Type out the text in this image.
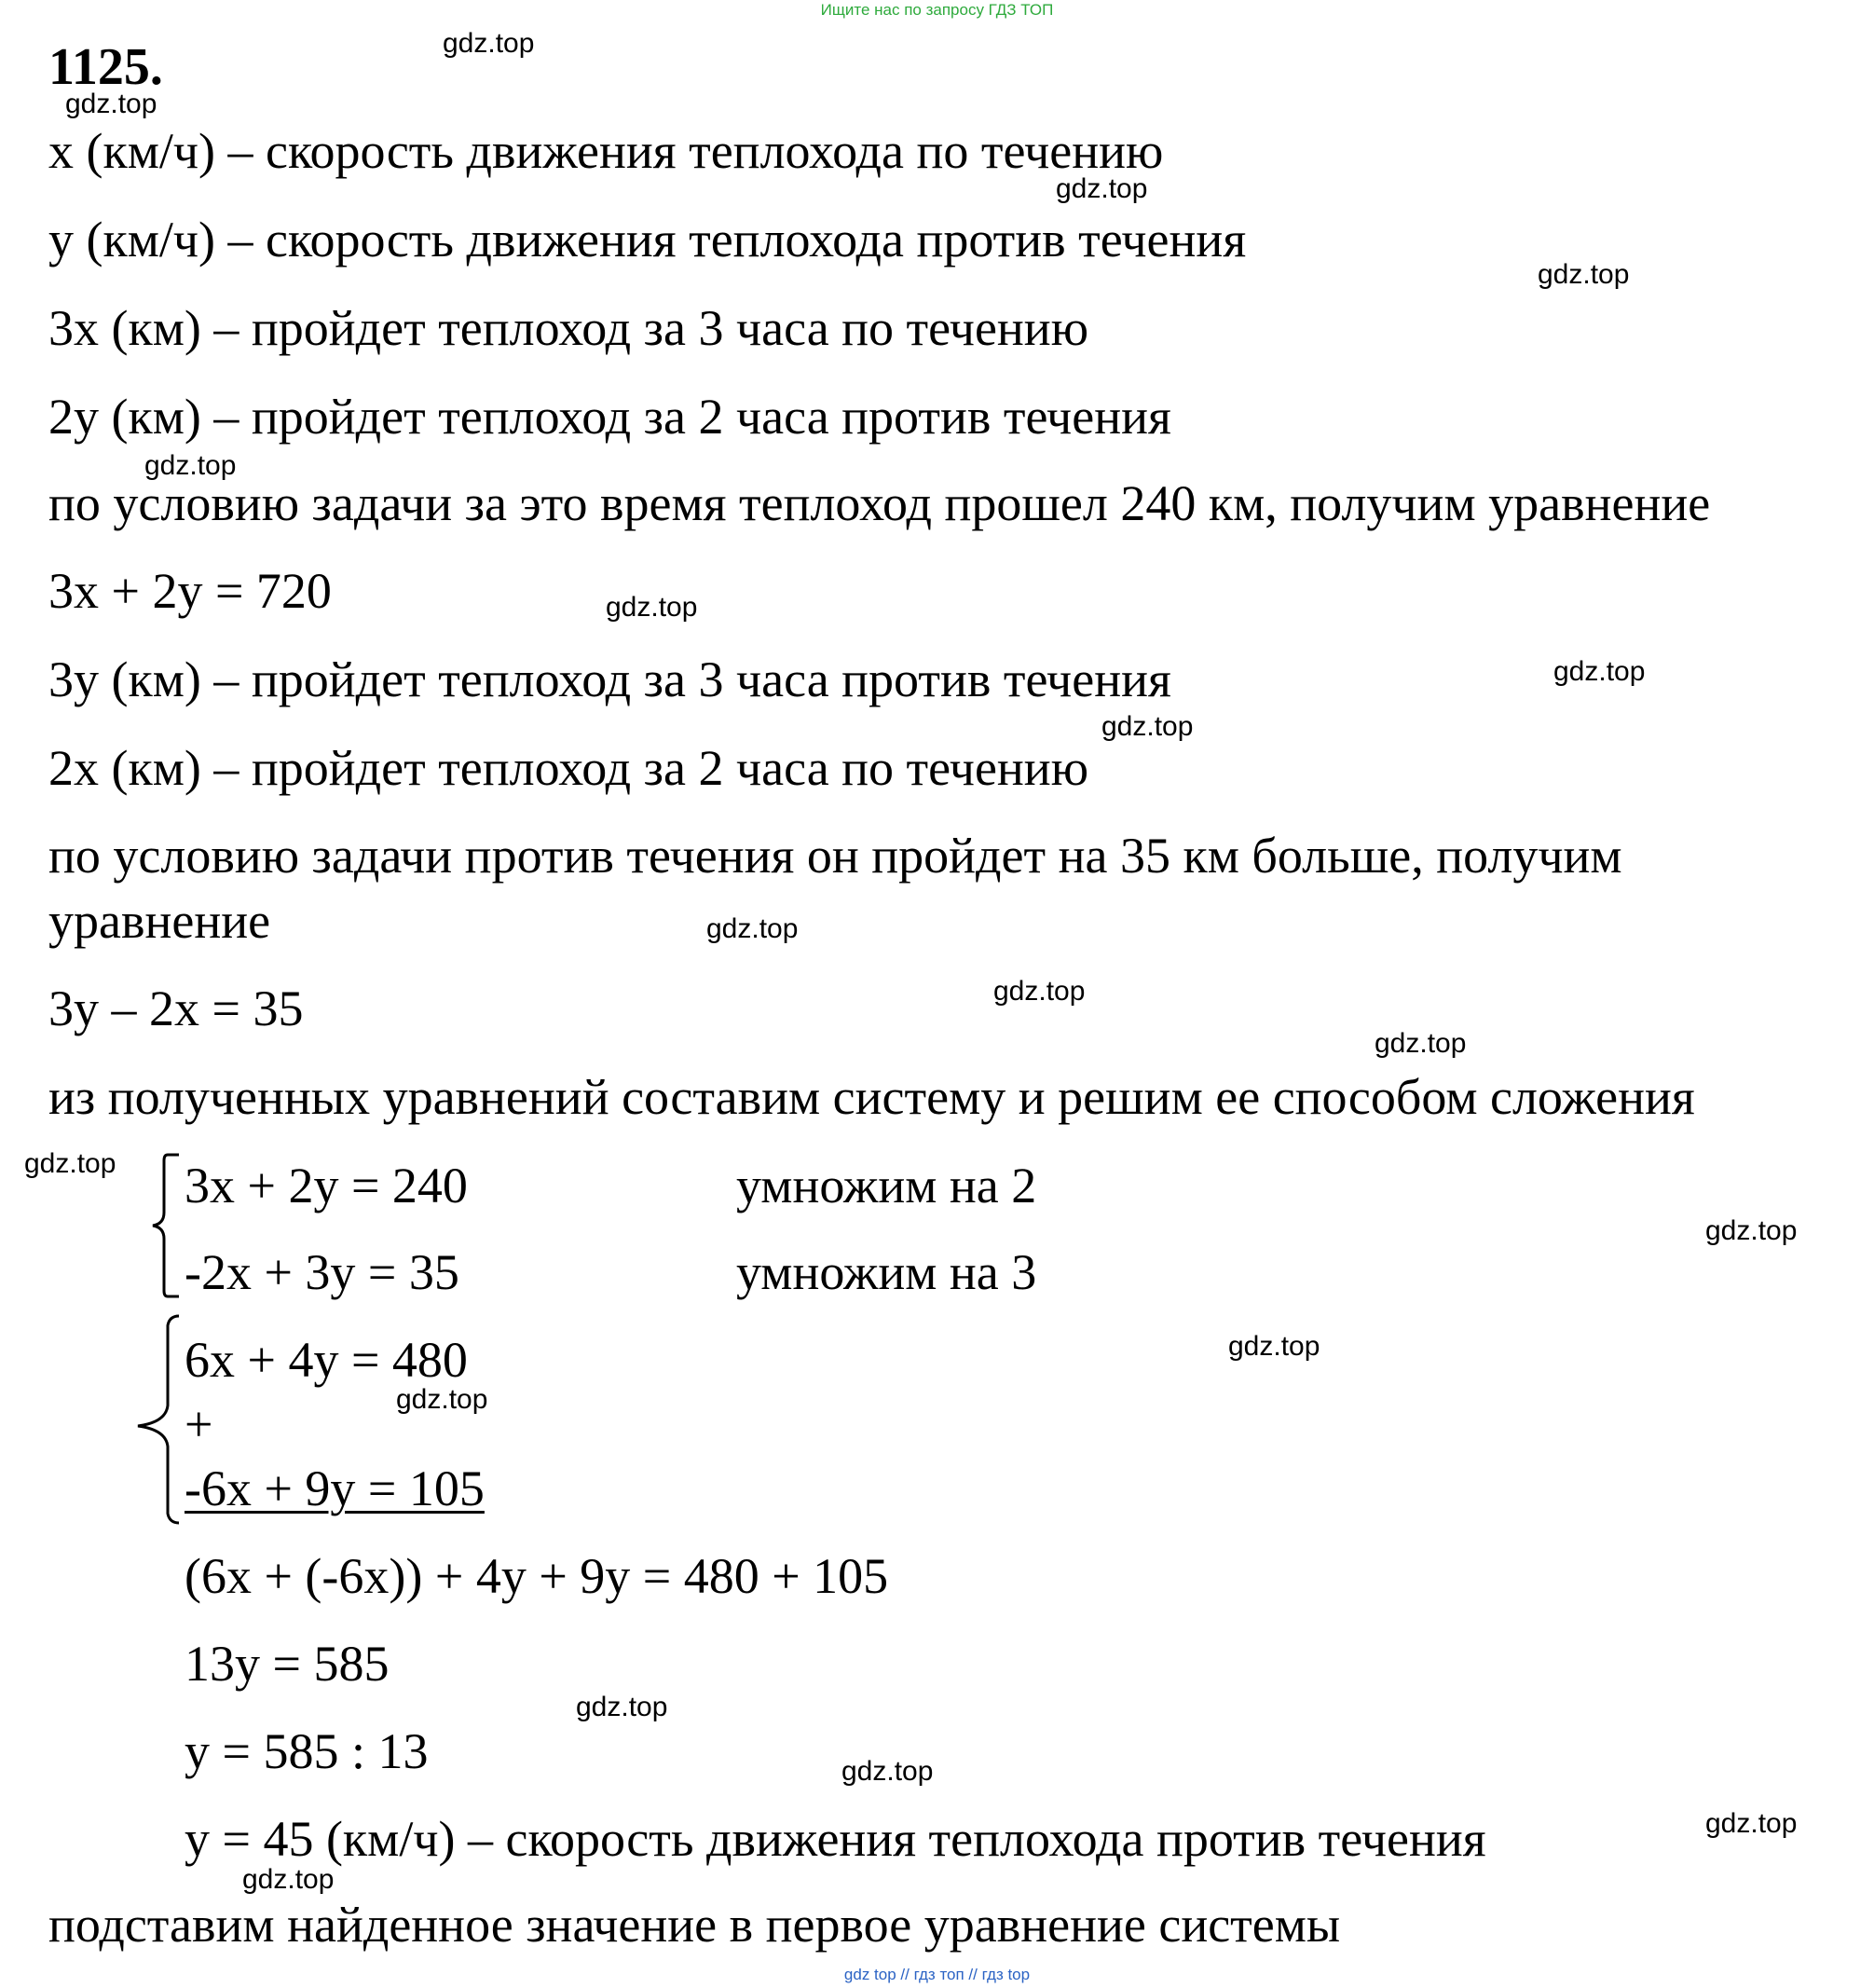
Ищите нас по запросу ГДЗ ТОП
1125.
x (км/ч) – скорость движения теплохода по течению
y (км/ч) – скорость движения теплохода против течения
3x (км) – пройдет теплоход за 3 часа по течению
2y (км) – пройдет теплоход за 2 часа против течения
по условию задачи за это время теплоход прошел 240 км, получим уравнение
3x + 2y = 720
3y (км) – пройдет теплоход за 3 часа против течения
2x (км) – пройдет теплоход за 2 часа по течению
по условию задачи против течения он пройдет на 35 км больше, получим
уравнение
3y – 2x = 35
из полученных уравнений составим систему и решим ее способом сложения
3x + 2y = 240	умножим на 2
-2x + 3y = 35	умножим на 3
6x + 4y = 480
+
-6x + 9y = 105
(6x + (-6x)) + 4y + 9y = 480 + 105
13y = 585
y = 585 : 13
y = 45 (км/ч) – скорость движения теплохода против течения
подставим найденное значение в первое уравнение системы
gdz.top
gdz.top
gdz.top
gdz.top
gdz.top
gdz.top
gdz.top
gdz.top
gdz.top
gdz.top
gdz.top
gdz.top
gdz.top
gdz.top
gdz.top
gdz.top
gdz.top
gdz.top
gdz.top
gdz top // гдз топ // гдз top
